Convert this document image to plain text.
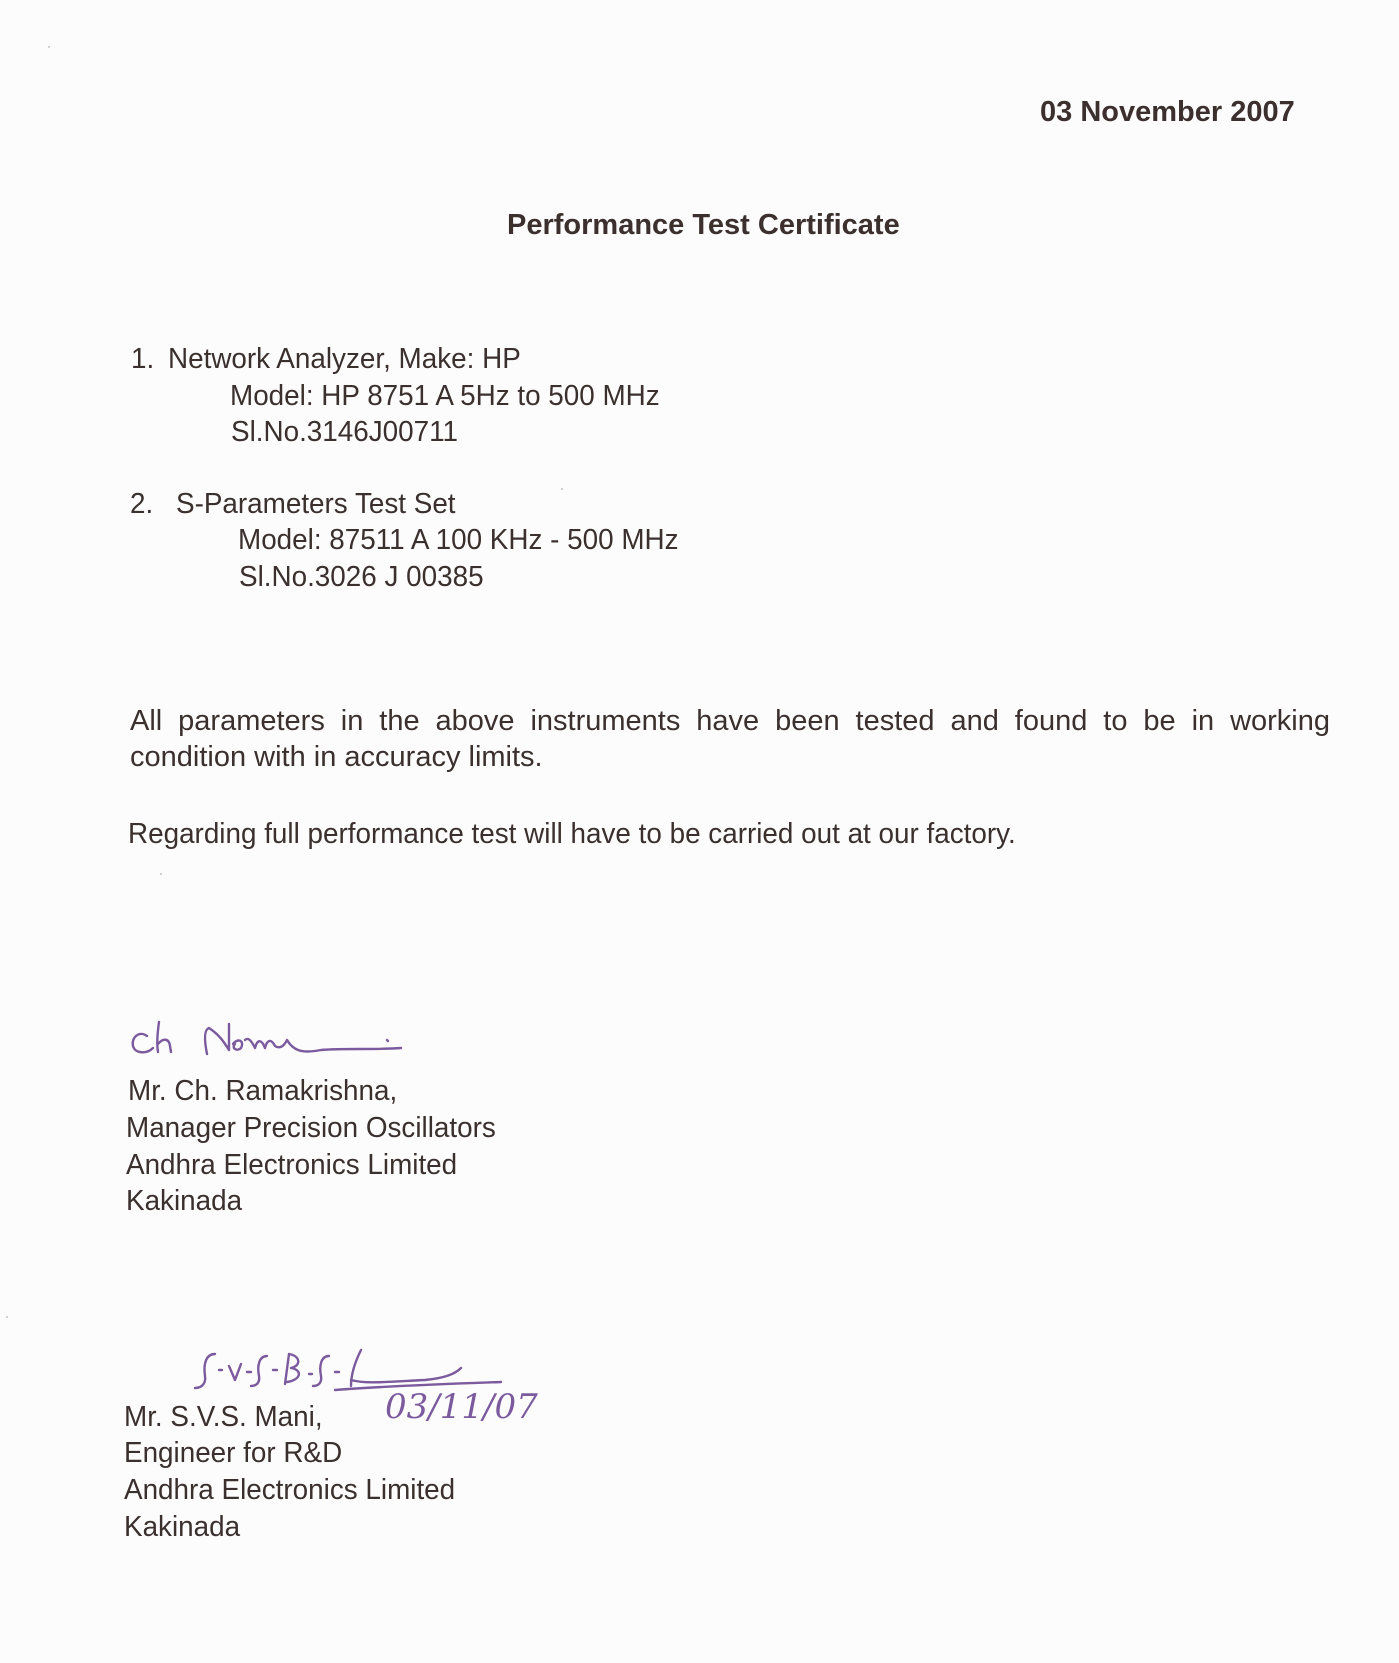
03 November 2007
Performance Test Certificate
1. Network Analyzer, Make: HP
Model: HP 8751 A 5Hz to 500 MHz
Sl.No.3146J00711
2. S-Parameters Test Set
Model: 87511 A 100 KHz - 500 MHz
Sl.No.3026 J 00385
All parameters in the above instruments have been tested and found to be in working condition with in accuracy limits.
Regarding full performance test will have to be carried out at our factory.
Mr. Ch. Ramakrishna,
Manager Precision Oscillators
Andhra Electronics Limited
Kakinada
03/11/07
Mr. S.V.S. Mani,
Engineer for R&D
Andhra Electronics Limited
Kakinada
